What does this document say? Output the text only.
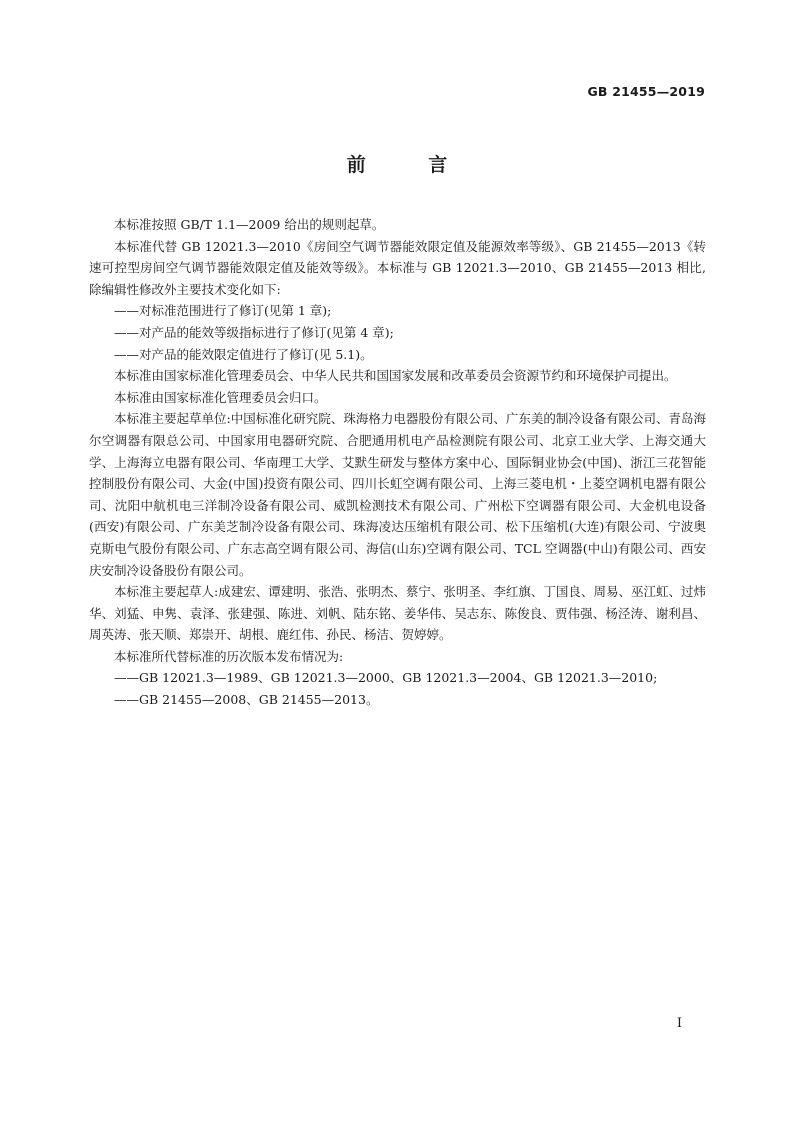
GB 21455—2019
前 言

本标准按照 GB/T 1.1—2009 给出的规则起草。

本标准代替 GB 12021.3—2010《房间空气调节器能效限定值及能源效率等级》、GB 21455—2013《转速可控型房间空气调节器能效限定值及能效等级》。本标准与 GB 12021.3—2010、GB 21455—2013 相比,除编辑性修改外主要技术变化如下:

——对标准范围进行了修订(见第 1 章);

——对产品的能效等级指标进行了修订(见第 4 章);

——对产品的能效限定值进行了修订(见 5.1)。

本标准由国家标准化管理委员会、中华人民共和国国家发展和改革委员会资源节约和环境保护司提出。

本标准由国家标准化管理委员会归口。

本标准主要起草单位:中国标准化研究院、珠海格力电器股份有限公司、广东美的制冷设备有限公司、青岛海尔空调器有限总公司、中国家用电器研究院、合肥通用机电产品检测院有限公司、北京工业大学、上海交通大学、上海海立电器有限公司、华南理工大学、艾默生研发与整体方案中心、国际铜业协会(中国)、浙江三花智能控制股份有限公司、大金(中国)投资有限公司、四川长虹空调有限公司、上海三菱电机・上菱空调机电器有限公司、沈阳中航机电三洋制冷设备有限公司、威凯检测技术有限公司、广州松下空调器有限公司、大金机电设备(西安)有限公司、广东美芝制冷设备有限公司、珠海凌达压缩机有限公司、松下压缩机(大连)有限公司、宁波奥克斯电气股份有限公司、广东志高空调有限公司、海信(山东)空调有限公司、TCL 空调器(中山)有限公司、西安庆安制冷设备股份有限公司。

本标准主要起草人:成建宏、谭建明、张浩、张明杰、蔡宁、张明圣、李红旗、丁国良、周易、巫江虹、过炜华、刘猛、申隽、袁泽、张建强、陈进、刘帆、陆东铭、姜华伟、吴志东、陈俊良、贾伟强、杨泾涛、谢利昌、周英涛、张天顺、郑崇开、胡根、鹿红伟、孙民、杨洁、贺婷婷。

本标准所代替标准的历次版本发布情况为:

——GB 12021.3—1989、GB 12021.3—2000、GB 12021.3—2004、GB 12021.3—2010;

——GB 21455—2008、GB 21455—2013。

I
